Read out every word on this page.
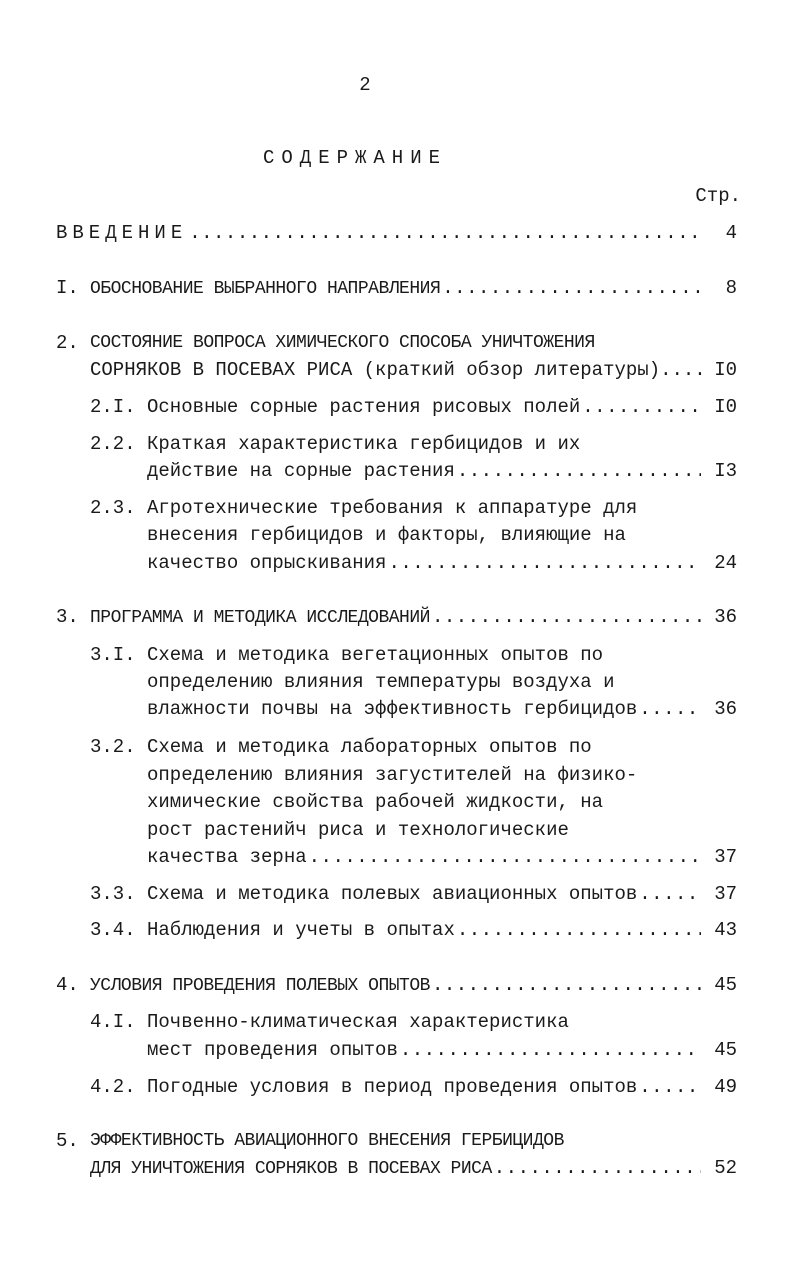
2
СОДЕРЖАНИЕ
Стр.
ВВЕДЕНИЕ .....	4
I. ОБОСНОВАНИЕ ВЫБРАННОГО НАПРАВЛЕНИЯ .....	8
2. СОСТОЯНИЕ ВОПРОСА ХИМИЧЕСКОГО СПОСОБА УНИЧТОЖЕНИЯ
СОРНЯКОВ В ПОСЕВАХ РИСА (краткий обзор литературы).... I0
2.I. Основные сорные растения рисовых полей .....	I0
2.2. Краткая характеристика гербицидов и их
действие на сорные растения .....	I3
2.3. Агротехнические требования к аппаратуре для
внесения гербицидов и факторы, влияющие на
качество опрыскивания .....	24
3. ПРОГРАММА И МЕТОДИКА ИССЛЕДОВАНИЙ .....	36
3.I. Схема и методика вегетационных опытов по
определению влияния температуры воздуха и
влажности почвы на эффективность гербицидов .....	36
3.2. Схема и методика лабораторных опытов по
определению влияния загустителей на физико-
химические свойства рабочей жидкости, на
рост растенийч риса и технологические
качества зерна .....	37
3.3. Схема и методика полевых авиационных опытов .....	37
3.4. Наблюдения и учеты в опытах .....	43
4. УСЛОВИЯ ПРОВЕДЕНИЯ ПОЛЕВЫХ ОПЫТОВ .....	45
4.I. Почвенно-климатическая характеристика
мест проведения опытов .....	45
4.2. Погодные условия в период проведения опытов .....	49
5. ЭФФЕКТИВНОСТЬ АВИАЦИОННОГО ВНЕСЕНИЯ ГЕРБИЦИДОВ
ДЛЯ УНИЧТОЖЕНИЯ СОРНЯКОВ В ПОСЕВАХ РИСА .....	52
